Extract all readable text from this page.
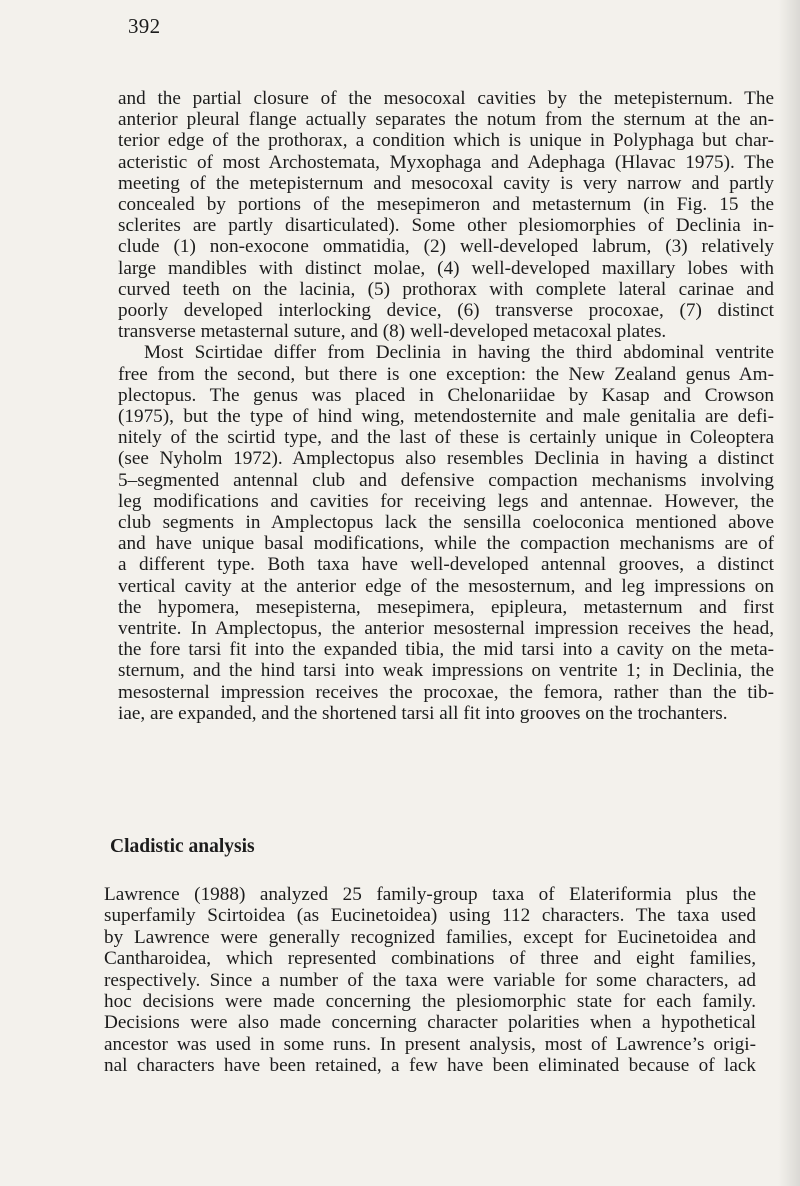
392
and the partial closure of the mesocoxal cavities by the metepisternum. The
anterior pleural flange actually separates the notum from the sternum at the an-
terior edge of the prothorax, a condition which is unique in Polyphaga but char-
acteristic of most Archostemata, Myxophaga and Adephaga (Hlavac 1975). The
meeting of the metepisternum and mesocoxal cavity is very narrow and partly
concealed by portions of the mesepimeron and metasternum (in Fig. 15 the
sclerites are partly disarticulated). Some other plesiomorphies of Declinia in-
clude (1) non-exocone ommatidia, (2) well-developed labrum, (3) relatively
large mandibles with distinct molae, (4) well-developed maxillary lobes with
curved teeth on the lacinia, (5) prothorax with complete lateral carinae and
poorly developed interlocking device, (6) transverse procoxae, (7) distinct
transverse metasternal suture, and (8) well-developed metacoxal plates.
Most Scirtidae differ from Declinia in having the third abdominal ventrite
free from the second, but there is one exception: the New Zealand genus Am-
plectopus. The genus was placed in Chelonariidae by Kasap and Crowson
(1975), but the type of hind wing, metendosternite and male genitalia are defi-
nitely of the scirtid type, and the last of these is certainly unique in Coleoptera
(see Nyholm 1972). Amplectopus also resembles Declinia in having a distinct
5–segmented antennal club and defensive compaction mechanisms involving
leg modifications and cavities for receiving legs and antennae. However, the
club segments in Amplectopus lack the sensilla coeloconica mentioned above
and have unique basal modifications, while the compaction mechanisms are of
a different type. Both taxa have well-developed antennal grooves, a distinct
vertical cavity at the anterior edge of the mesosternum, and leg impressions on
the hypomera, mesepisterna, mesepimera, epipleura, metasternum and first
ventrite. In Amplectopus, the anterior mesosternal impression receives the head,
the fore tarsi fit into the expanded tibia, the mid tarsi into a cavity on the meta-
sternum, and the hind tarsi into weak impressions on ventrite 1; in Declinia, the
mesosternal impression receives the procoxae, the femora, rather than the tib-
iae, are expanded, and the shortened tarsi all fit into grooves on the trochanters.
Cladistic analysis
Lawrence (1988) analyzed 25 family-group taxa of Elateriformia plus the
superfamily Scirtoidea (as Eucinetoidea) using 112 characters. The taxa used
by Lawrence were generally recognized families, except for Eucinetoidea and
Cantharoidea, which represented combinations of three and eight families,
respectively. Since a number of the taxa were variable for some characters, ad
hoc decisions were made concerning the plesiomorphic state for each family.
Decisions were also made concerning character polarities when a hypothetical
ancestor was used in some runs. In present analysis, most of Lawrence’s origi-
nal characters have been retained, a few have been eliminated because of lack
